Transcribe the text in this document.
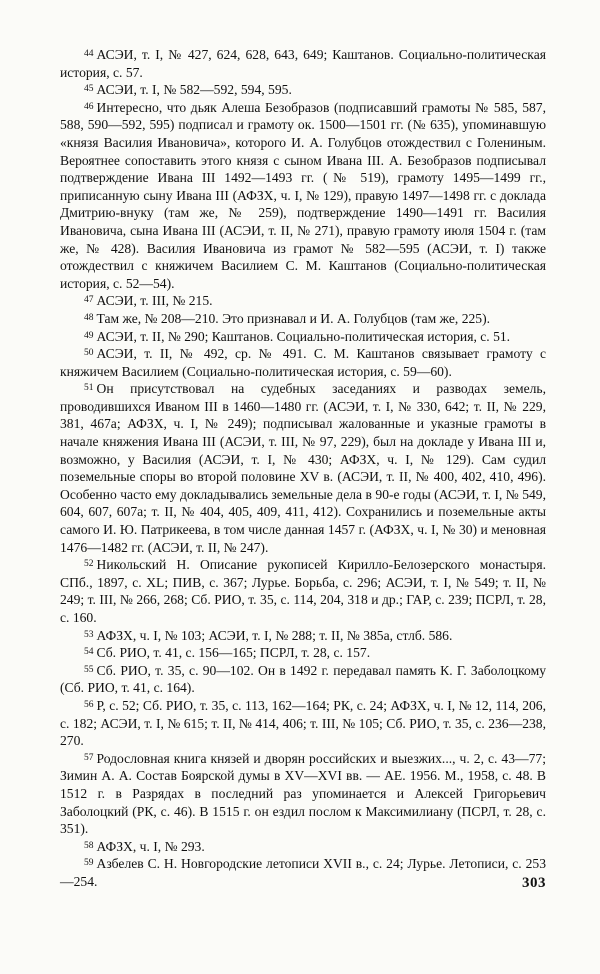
$^{44}$ АСЭИ, т. I, № 427, 624, 628, 643, 649; Каштанов. Социально-политическая история, с. 57.

$^{45}$ АСЭИ, т. I, № 582—592, 594, 595.

$^{46}$ Интересно, что дьяк Алеша Безобразов (подписавший грамоты № 585, 587, 588, 590—592, 595) подписал и грамоту ок. 1500—1501 гг. (№ 635), упоминавшую «князя Василия Ивановича», которого И. А. Голубцов отождествил с Голениным. Вероятнее сопоставить этого князя с сыном Ивана III. А. Безобразов подписывал подтверждение Ивана III 1492—1493 гг. (№ 519), грамоту 1495—1499 гг., приписанную сыну Ивана III (АФЗХ, ч. I, № 129), правую 1497—1498 гг. с доклада Дмитрию-внуку (там же, № 259), подтверждение 1490—1491 гг. Василия Ивановича, сына Ивана III (АСЭИ, т. II, № 271), правую грамоту июля 1504 г. (там же, № 428). Василия Ивановича из грамот № 582—595 (АСЭИ, т. I) также отождествил с княжичем Василием С. М. Каштанов (Социально-политическая история, с. 52—54).

$^{47}$ АСЭИ, т. III, № 215.

$^{48}$ Там же, № 208—210. Это признавал и И. А. Голубцов (там же, 225).

$^{49}$ АСЭИ, т. II, № 290; Каштанов. Социально-политическая история, с. 51.

$^{50}$ АСЭИ, т. II, № 492, ср. № 491. С. М. Каштанов связывает грамоту с княжичем Василием (Социально-политическая история, с. 59—60).

$^{51}$ Он присутствовал на судебных заседаниях и разводах земель, проводившихся Иваном III в 1460—1480 гг. (АСЭИ, т. I, № 330, 642; т. II, № 229, 381, 467а; АФЗХ, ч. I, № 249); подписывал жалованные и указные грамоты в начале княжения Ивана III (АСЭИ, т. III, № 97, 229), был на докладе у Ивана III и, возможно, у Василия (АСЭИ, т. I, № 430; АФЗХ, ч. I, № 129). Сам судил поземельные споры во второй половине XV в. (АСЭИ, т. II, № 400, 402, 410, 496). Особенно часто ему докладывались земельные дела в 90-е годы (АСЭИ, т. I, № 549, 604, 607, 607а; т. II, № 404, 405, 409, 411, 412). Сохранились и поземельные акты самого И. Ю. Патрикеева, в том числе данная 1457 г. (АФЗХ, ч. I, № 30) и меновная 1476—1482 гг. (АСЭИ, т. II, № 247).

$^{52}$ Никольский Н. Описание рукописей Кирилло-Белозерского монастыря. СПб., 1897, с. XL; ПИВ, с. 367; Лурье. Борьба, с. 296; АСЭИ, т. I, № 549; т. II, № 249; т. III, № 266, 268; Сб. РИО, т. 35, с. 114, 204, 318 и др.; ГАР, с. 239; ПСРЛ, т. 28, с. 160.

$^{53}$ АФЗХ, ч. I, № 103; АСЭИ, т. I, № 288; т. II, № 385а, стлб. 586.

$^{54}$ Сб. РИО, т. 41, с. 156—165; ПСРЛ, т. 28, с. 157.

$^{55}$ Сб. РИО, т. 35, с. 90—102. Он в 1492 г. передавал память К. Г. Заболоцкому (Сб. РИО, т. 41, с. 164).

$^{56}$ Р, с. 52; Сб. РИО, т. 35, с. 113, 162—164; РК, с. 24; АФЗХ, ч. I, № 12, 114, 206, с. 182; АСЭИ, т. I, № 615; т. II, № 414, 406; т. III, № 105; Сб. РИО, т. 35, с. 236—238, 270.

$^{57}$ Родословная книга князей и дворян российских и выезжих..., ч. 2, с. 43—77; Зимин А. А. Состав Боярской думы в XV—XVI вв. — АЕ. 1956. М., 1958, с. 48. В 1512 г. в Разрядах в последний раз упоминается и Алексей Григорьевич Заболоцкий (РК, с. 46). В 1515 г. он ездил послом к Максимилиану (ПСРЛ, т. 28, с. 351).

$^{58}$ АФЗХ, ч. I, № 293.

$^{59}$ Азбелев С. Н. Новгородские летописи XVII в., с. 24; Лурье. Летописи, с. 253—254.	303
